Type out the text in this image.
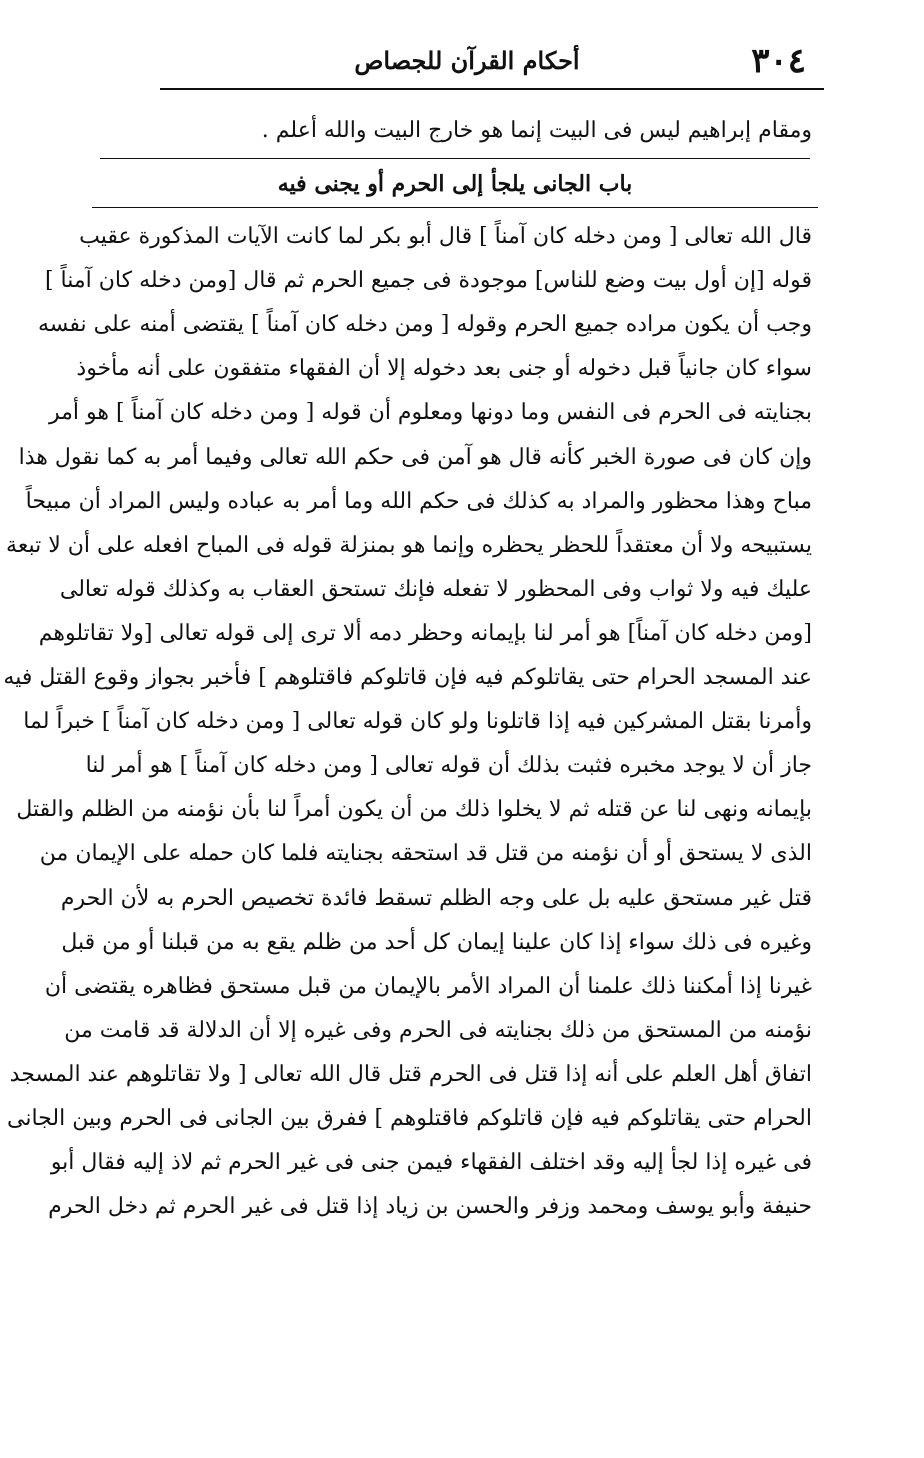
٣٠٤
أحكام القرآن للجصاص
ومقام إبراهيم ليس فى البيت إنما هو خارج البيت والله أعلم .
باب الجانى يلجأ إلى الحرم أو يجنى فيه
قال الله تعالى [ ومن دخله كان آمناً ] قال أبو بكر لما كانت الآيات المذكورة عقيب
قوله [إن أول بيت وضع للناس] موجودة فى جميع الحرم ثم قال [ومن دخله كان آمناً ]
وجب أن يكون مراده جميع الحرم وقوله [ ومن دخله كان آمناً ] يقتضى أمنه على نفسه
سواء كان جانياً قبل دخوله أو جنى بعد دخوله إلا أن الفقهاء متفقون على أنه مأخوذ
بجنايته فى الحرم فى النفس وما دونها ومعلوم أن قوله [ ومن دخله كان آمناً ] هو أمر
وإن كان فى صورة الخبر كأنه قال هو آمن فى حكم الله تعالى وفيما أمر به كما نقول هذا
مباح وهذا محظور والمراد به كذلك فى حكم الله وما أمر به عباده وليس المراد أن مبيحاً
يستبيحه ولا أن معتقداً للحظر يحظره وإنما هو بمنزلة قوله فى المباح افعله على أن لا تبعة
عليك فيه ولا ثواب وفى المحظور لا تفعله فإنك تستحق العقاب به وكذلك قوله تعالى
[ومن دخله كان آمناً] هو أمر لنا بإيمانه وحظر دمه ألا ترى إلى قوله تعالى [ولا تقاتلوهم
عند المسجد الحرام حتى يقاتلوكم فيه فإن قاتلوكم فاقتلوهم ] فأخبر بجواز وقوع القتل فيه
وأمرنا بقتل المشركين فيه إذا قاتلونا ولو كان قوله تعالى [ ومن دخله كان آمناً ] خبراً لما
جاز أن لا يوجد مخبره فثبت بذلك أن قوله تعالى [ ومن دخله كان آمناً ] هو أمر لنا
بإيمانه ونهى لنا عن قتله ثم لا يخلوا ذلك من أن يكون أمراً لنا بأن نؤمنه من الظلم والقتل
الذى لا يستحق أو أن نؤمنه من قتل قد استحقه بجنايته فلما كان حمله على الإيمان من
قتل غير مستحق عليه بل على وجه الظلم تسقط فائدة تخصيص الحرم به لأن الحرم
وغيره فى ذلك سواء إذا كان علينا إيمان كل أحد من ظلم يقع به من قبلنا أو من قبل
غيرنا إذا أمكننا ذلك علمنا أن المراد الأمر بالإيمان من قبل مستحق فظاهره يقتضى أن
نؤمنه من المستحق من ذلك بجنايته فى الحرم وفى غيره إلا أن الدلالة قد قامت من
اتفاق أهل العلم على أنه إذا قتل فى الحرم قتل قال الله تعالى [ ولا تقاتلوهم عند المسجد
الحرام حتى يقاتلوكم فيه فإن قاتلوكم فاقتلوهم ] ففرق بين الجانى فى الحرم وبين الجانى
فى غيره إذا لجأ إليه وقد اختلف الفقهاء فيمن جنى فى غير الحرم ثم لاذ إليه فقال أبو
حنيفة وأبو يوسف ومحمد وزفر والحسن بن زياد إذا قتل فى غير الحرم ثم دخل الحرم
